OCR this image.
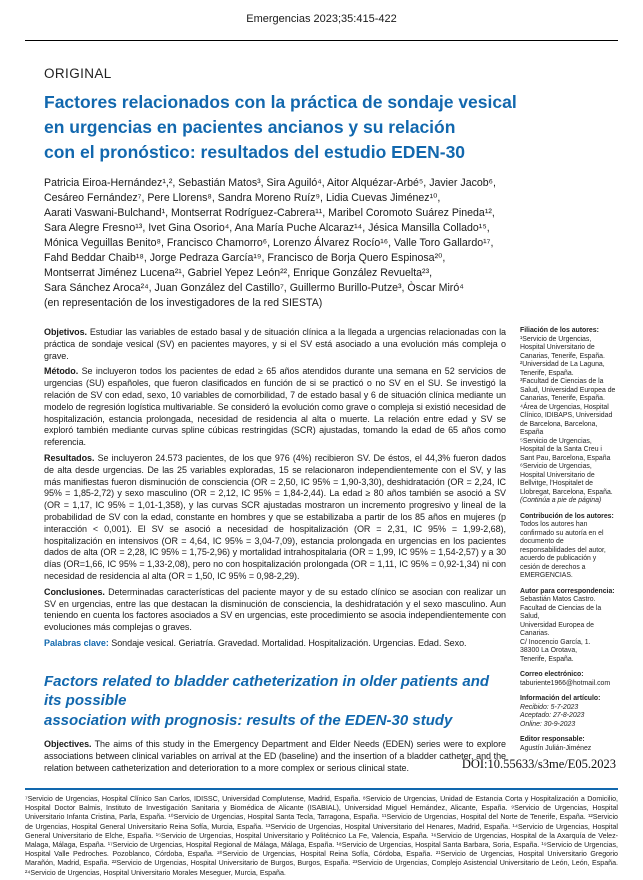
Emergencias 2023;35:415-422
ORIGINAL
Factores relacionados con la práctica de sondaje vesical
en urgencias en pacientes ancianos y su relación
con el pronóstico: resultados del estudio EDEN-30
Patricia Eiroa-Hernández¹,², Sebastián Matos³, Sira Aguiló⁴, Aitor Alquézar-Arbé⁵, Javier Jacob⁶,
Cesáreo Fernández⁷, Pere Llorens⁸, Sandra Moreno Ruíz⁹, Lidia Cuevas Jiménez¹⁰,
Aarati Vaswani-Bulchand¹, Montserrat Rodríguez-Cabrera¹¹, Maribel Coromoto Suárez Pineda¹²,
Sara Alegre Fresno¹³, Ivet Gina Osorio⁴, Ana María Puche Alcaraz¹⁴, Jésica Mansilla Collado¹⁵,
Mónica Veguillas Benito⁸, Francisco Chamorro⁶, Lorenzo Álvarez Rocío¹⁶, Valle Toro Gallardo¹⁷,
Fahd Beddar Chaib¹⁸, Jorge Pedraza García¹⁹, Francisco de Borja Quero Espinosa²⁰,
Montserrat Jiménez Lucena²¹, Gabriel Yepez León²², Enrique González Revuelta²³,
Sara Sánchez Aroca²⁴, Juan González del Castillo⁷, Guillermo Burillo-Putze³, Òscar Miró⁴
(en representación de los investigadores de la red SIESTA)

Objetivos. Estudiar las variables de estado basal y de situación clínica a la llegada a urgencias relacionadas con la práctica de sondaje vesical (SV) en pacientes mayores, y si el SV está asociado a una evolución más compleja o grave.

Método. Se incluyeron todos los pacientes de edad ≥ 65 años atendidos durante una semana en 52 servicios de urgencias (SU) españoles, que fueron clasificados en función de si se practicó o no SV en el SU. Se investigó la relación de SV con edad, sexo, 10 variables de comorbilidad, 7 de estado basal y 6 de situación clínica mediante un modelo de regresión logística multivariable. Se consideró la evolución como grave o compleja si existió necesidad de hospitalización, estancia prolongada, necesidad de residencia al alta o muerte. La relación entre edad y SV se exploró también mediante curvas spline cúbicas restringidas (SCR) ajustadas, tomando la edad de 65 años como referencia.

Resultados. Se incluyeron 24.573 pacientes, de los que 976 (4%) recibieron SV. De éstos, el 44,3% fueron dados de alta desde urgencias. De las 25 variables exploradas, 15 se relacionaron independientemente con el SV, y las más manifiestas fueron disminución de consciencia (OR = 2,50, IC 95% = 1,90-3,30), deshidratación (OR = 2,24, IC 95% = 1,85-2,72) y sexo masculino (OR = 2,12, IC 95% = 1,84-2,44). La edad ≥ 80 años también se asoció a SV (OR = 1,17, IC 95% = 1,01-1,358), y las curvas SCR ajustadas mostraron un incremento progresivo y lineal de la probabilidad de SV con la edad, constante en hombres y que se estabilizaba a partir de los 85 años en mujeres (p interacción < 0,001). El SV se asoció a necesidad de hospitalización (OR = 2,31, IC 95% = 1,99-2,68), hospitalización en intensivos (OR = 4,64, IC 95% = 3,04-7,09), estancia prolongada en urgencias en los pacientes dados de alta (OR = 2,28, IC 95% = 1,75-2,96) y mortalidad intrahospitalaria (OR = 1,99, IC 95% = 1,54-2,57) y a 30 días (OR=1,66, IC 95% = 1,33-2,08), pero no con hospitalización prolongada (OR = 1,11, IC 95% = 0,92-1,34) ni con necesidad de residencia al alta (OR = 1,50, IC 95% = 0,98-2,29).

Conclusiones. Determinadas características del paciente mayor y de su estado clínico se asocian con realizar un SV en urgencias, entre las que destacan la disminución de consciencia, la deshidratación y el sexo masculino. Aun teniendo en cuenta los factores asociados a SV en urgencias, este procedimiento se asocia independientemente con evoluciones más complejas o graves.

Palabras clave: Sondaje vesical. Geriatría. Gravedad. Mortalidad. Hospitalización. Urgencias. Edad. Sexo.

Factors related to bladder catheterization in older patients and its possible
association with prognosis: results of the EDEN-30 study

Objectives. The aims of this study in the Emergency Department and Elder Needs (EDEN) series were to explore associations between clinical variables on arrival at the ED (baseline) and the insertion of a bladder catheter, and the relation between catheterization and deterioration to a more complex or serious clinical state.

Filiación de los autores:
¹Servicio de Urgencias, Hospital Universitario de Canarias, Tenerife, España.
²Universidad de La Laguna, Tenerife, España.
³Facultad de Ciencias de la Salud, Universidad Europea de Canarias, Tenerife, España.
⁴Área de Urgencias, Hospital Clínico, IDIBAPS, Universidad de Barcelona, Barcelona, España
⁵Servicio de Urgencias, Hospital de la Santa Creu i Sant Pau, Barcelona, España
⁶Servicio de Urgencias, Hospital Universitario de Bellvitge, l'Hospitalet de Llobregat, Barcelona, España.
(Continúa a pie de página)
Contribución de los autores:
Todos los autores han confirmado su autoría en el documento de responsabilidades del autor, acuerdo de publicación y cesión de derechos a EMERGENCIAS.
Autor para correspondencia:
Sebastián Matos Castro.
Facultad de Ciencias de la Salud,
Universidad Europea de Canarias.
C/ Inocencio García, 1.
38300 La Orotava,
Tenerife, España.
Correo electrónico:
taburiente1966@hotmail.com
Información del artículo:
Recibido: 5-7-2023
Aceptado: 27-8-2023
Online: 30-9-2023
Editor responsable:
Agustín Julián-Jiménez
DOI:10.55633/s3me/E05.2023
⁷Servicio de Urgencias, Hospital Clínico San Carlos, IDISSC, Universidad Complutense, Madrid, España. ⁸Servicio de Urgencias, Unidad de Estancia Corta y Hospitalización a Domicilio, Hospital Doctor Balmis, Instituto de Investigación Sanitaria y Biomédica de Alicante (ISABIAL), Universidad Miguel Hernández, Alicante, España. ⁹Servicio de Urgencias, Hospital Universitario Infanta Cristina, Parla, España. ¹⁰Servicio de Urgencias, Hospital Santa Tecla, Tarragona, España. ¹¹Servicio de Urgencias, Hospital del Norte de Tenerife, España. ¹²Servicio de Urgencias, Hospital General Universitario Reina Sofía, Murcia, España. ¹³Servicio de Urgencias, Hospital Universitario del Henares, Madrid, España. ¹⁴Servicio de Urgencias, Hospital General Universitario de Elche, España. ¹⁵Servicio de Urgencias, Hospital Universitario y Politécnico La Fe, Valencia, España. ¹⁶Servicio de Urgencias, Hospital de la Axarquía de Velez-Malaga, Málaga, España. ¹⁷Servicio de Urgencias, Hospital Regional de Málaga, Málaga, España. ¹⁸Servicio de Urgencias, Hospital Santa Barbara, Soria, España. ¹⁹Servicio de Urgencias, Hospital Valle Pedroches. Pozoblanco, Córdoba, España. ²⁰Servicio de Urgencias, Hospital Reina Sofía, Córdoba, España. ²¹Servicio de Urgencias, Hospital Universitario Gregorio Marañón, Madrid, España. ²²Servicio de Urgencias, Hospital Universitario de Burgos, Burgos, España. ²³Servicio de Urgencias, Complejo Asistencial Universitario de León, León, España. ²⁴Servicio de Urgencias, Hospital Universitario Morales Meseguer, Murcia, España.
